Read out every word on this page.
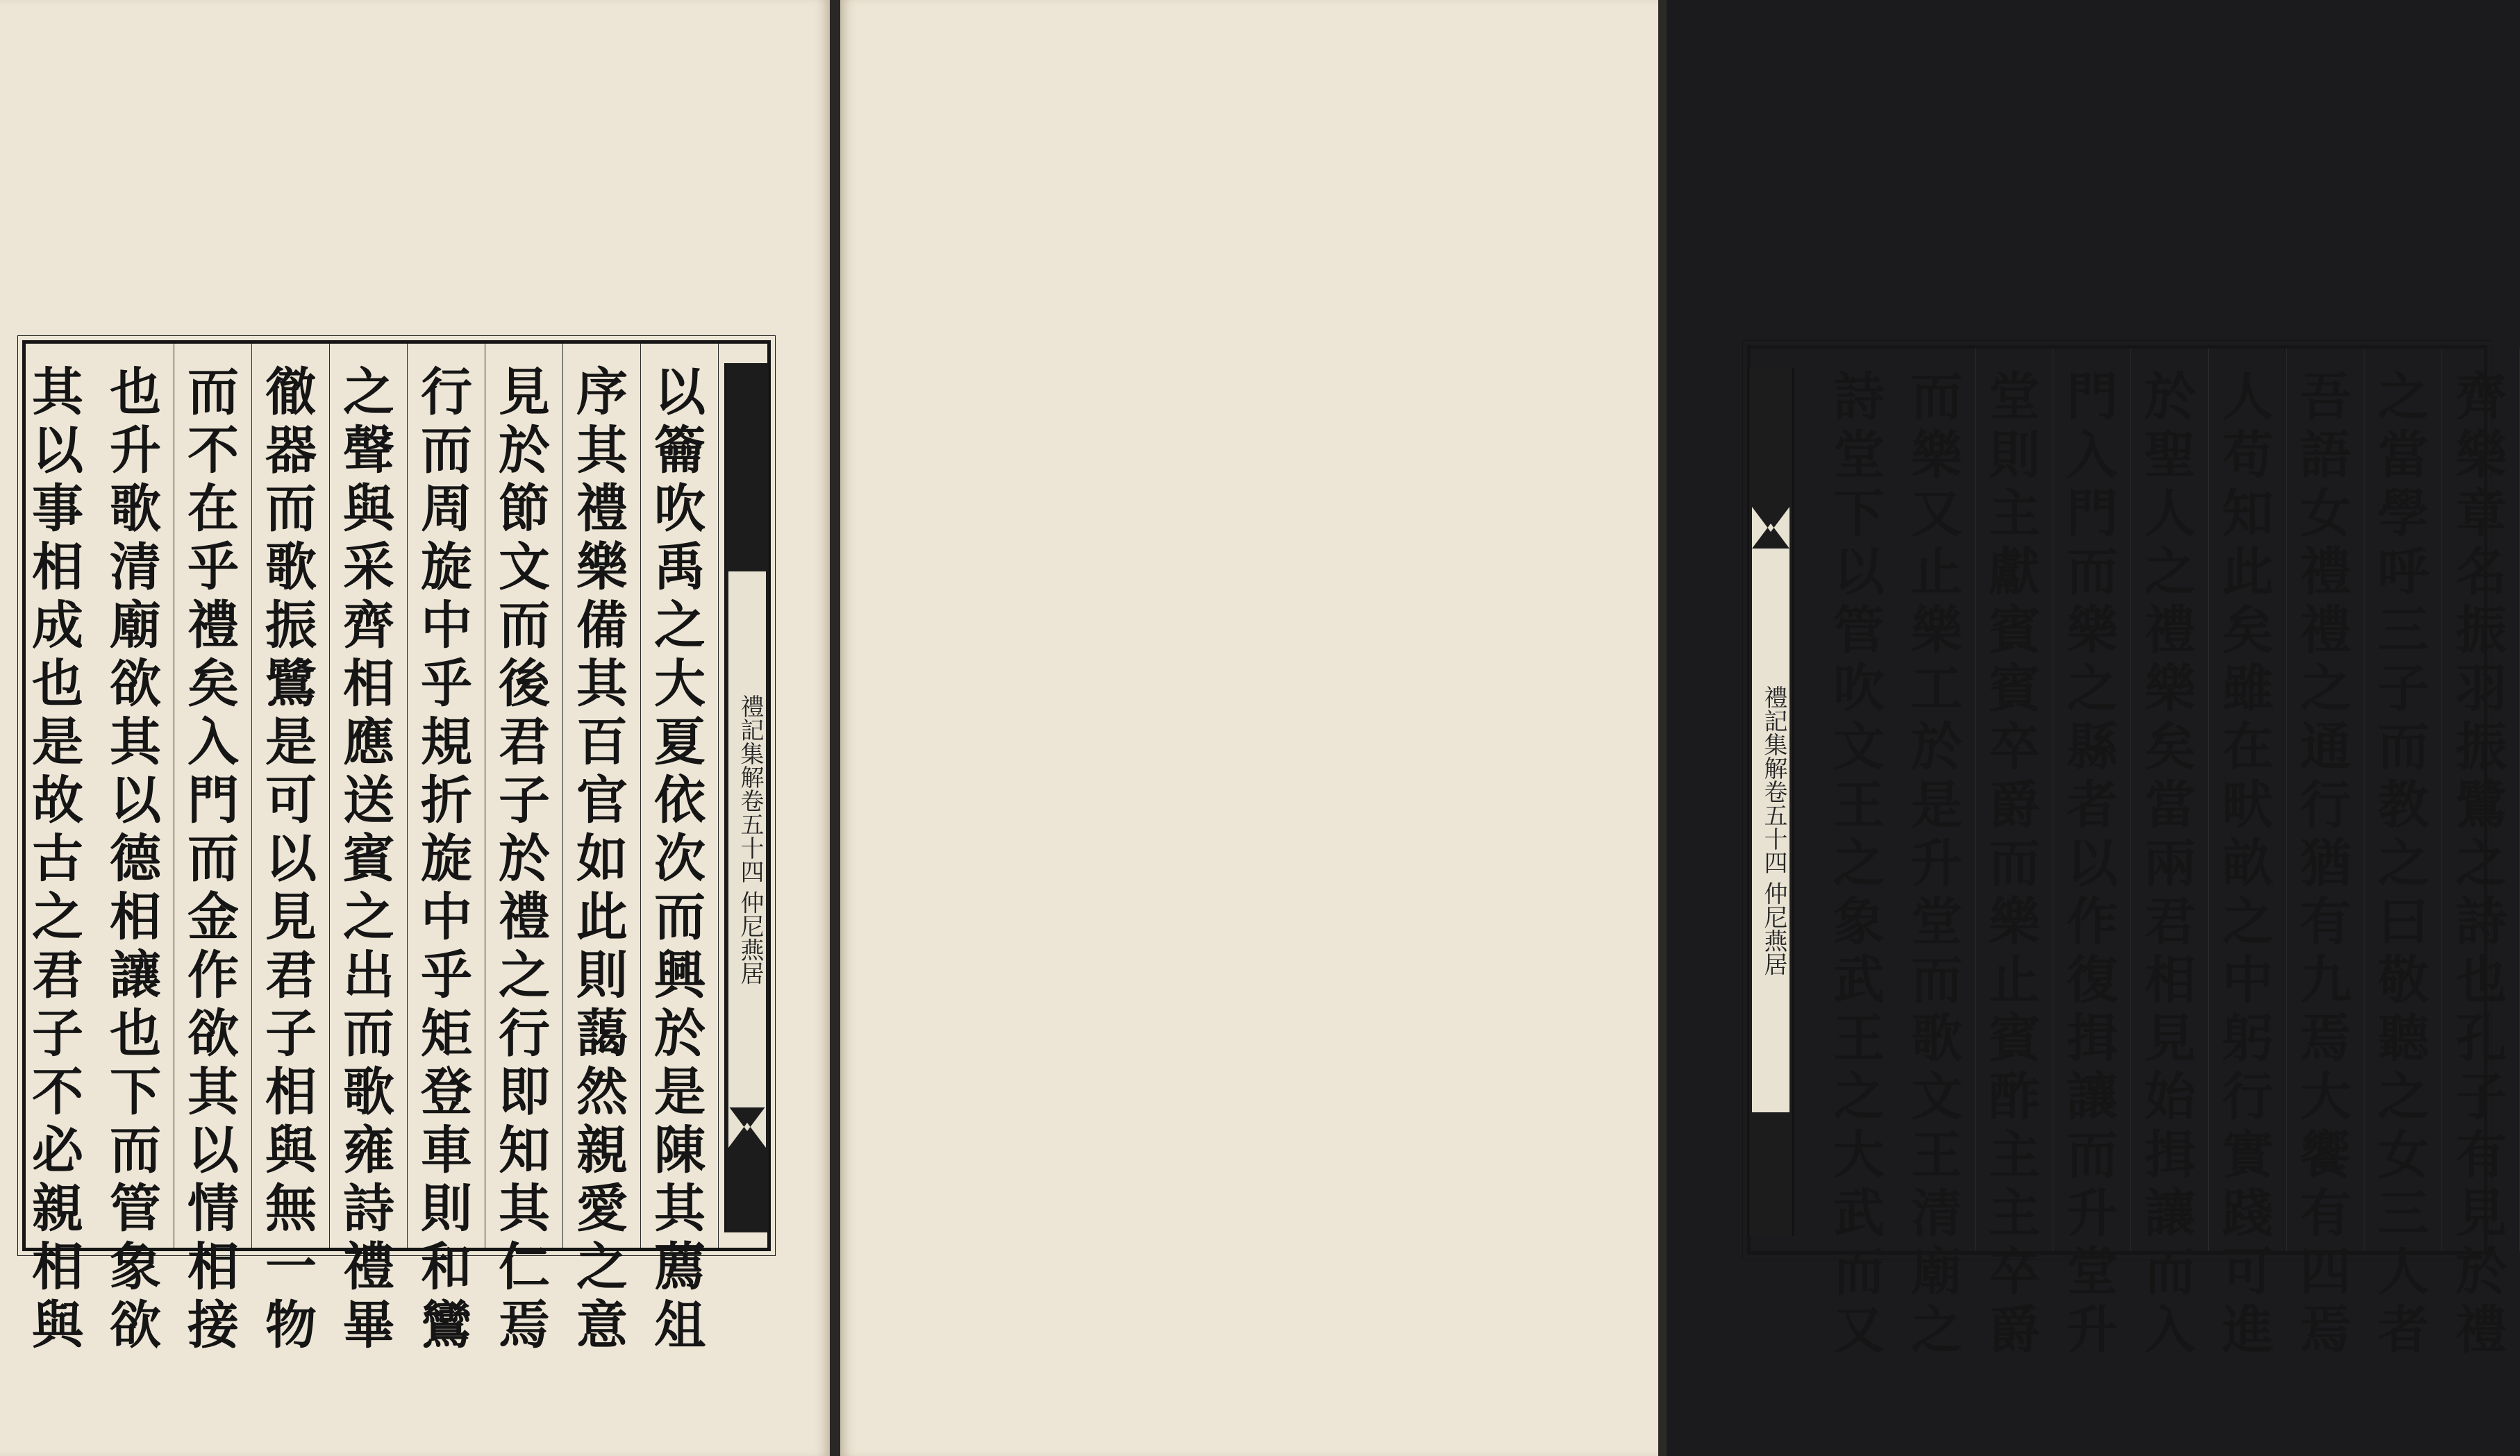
以
籥
吹
禹
之
大
夏
依
次
而
興
於
是
陳
其
薦
俎
序
其
禮
樂
備
其
百
官
如
此
則
藹
然
親
愛
之
意
見
於
節
文
而
後
君
子
於
禮
之
行
即
知
其
仁
焉
行
而
周
旋
中
乎
規
折
旋
中
乎
矩
登
車
則
和
鸞
之
聲
與
采
齊
相
應
送
賓
之
出
而
歌
雍
詩
禮
畢
徹
器
而
歌
振
鷺
是
可
以
見
君
子
相
與
無
一
物
而
不
在
乎
禮
矣
入
門
而
金
作
欲
其
以
情
相
接
也
升
歌
清
廟
欲
其
以
德
相
讓
也
下
而
管
象
欲
其
以
事
相
成
也
是
故
古
之
君
子
不
必
親
相
與
禮記集解卷五十四 仲尼燕居
齊
樂
章
名
振
羽
振
鷺
之
詩
也
孔
子
有
見
於
禮
之
當
學
呼
三
子
而
教
之
曰
敬
聽
之
女
三
人
者
吾
語
女
禮
禮
之
通
行
猶
有
九
焉
大
饗
有
四
焉
人
苟
知
此
矣
雖
在
畎
畝
之
中
躬
行
實
踐
可
進
於
聖
人
之
禮
樂
矣
當
兩
君
相
見
始
揖
讓
而
入
門
入
門
而
樂
之
縣
者
以
作
復
揖
讓
而
升
堂
升
堂
則
主
獻
賓
賓
卒
爵
而
樂
止
賓
酢
主
主
卒
爵
而
樂
又
止
樂
工
於
是
升
堂
而
歌
文
王
清
廟
之
詩
堂
下
以
管
吹
文
王
之
象
武
王
之
大
武
而
又
禮記集解卷五十四 仲尼燕居
